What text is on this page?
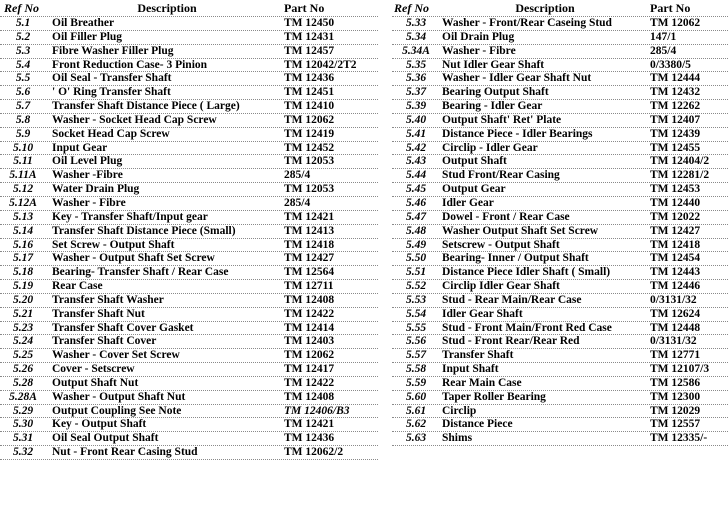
Ref No	Description	Part No
5.1	Oil Breather	TM 12450
5.2	Oil Filler Plug	TM 12431
5.3	Fibre Washer Filler Plug	TM 12457
5.4	Front Reduction Case- 3 Pinion	TM 12042/2T2
5.5	Oil Seal - Transfer Shaft	TM 12436
5.6	' O' Ring Transfer Shaft	TM 12451
5.7	Transfer Shaft Distance Piece ( Large)	TM 12410
5.8	Washer - Socket Head Cap Screw	TM 12062
5.9	Socket Head Cap Screw	TM 12419
5.10	Input Gear	TM 12452
5.11	Oil Level Plug	TM 12053
5.11A	Washer -Fibre	285/4
5.12	Water Drain Plug	TM 12053
5.12A	Washer - Fibre	285/4
5.13	Key - Transfer Shaft/Input gear	TM 12421
5.14	Transfer Shaft Distance Piece (Small)	TM 12413
5.16	Set Screw - Output Shaft	TM 12418
5.17	Washer - Output Shaft Set Screw	TM 12427
5.18	Bearing- Transfer Shaft / Rear Case	TM 12564
5.19	Rear Case	TM 12711
5.20	Transfer Shaft Washer	TM 12408
5.21	Transfer Shaft Nut	TM 12422
5.23	Transfer Shaft Cover Gasket	TM 12414
5.24	Transfer Shaft Cover	TM 12403
5.25	Washer - Cover Set Screw	TM 12062
5.26	Cover - Setscrew	TM 12417
5.28	Output Shaft Nut	TM 12422
5.28A	Washer - Output Shaft Nut	TM 12408
5.29	Output Coupling See Note	TM 12406/B3
5.30	Key - Output Shaft	TM 12421
5.31	Oil Seal Output Shaft	TM 12436
5.32	Nut - Front Rear Casing Stud	TM 12062/2
Ref No	Description	Part No
5.33	Washer - Front/Rear Caseing Stud	TM 12062
5.34	Oil Drain Plug	147/1
5.34A	Washer - Fibre	285/4
5.35	Nut Idler Gear Shaft	0/3380/5
5.36	Washer - Idler Gear Shaft Nut	TM 12444
5.37	Bearing Output Shaft	TM 12432
5.39	Bearing - Idler Gear	TM 12262
5.40	Output Shaft' Ret' Plate	TM 12407
5.41	Distance Piece - Idler Bearings	TM 12439
5.42	Circlip - Idler Gear	TM 12455
5.43	Output Shaft	TM 12404/2
5.44	Stud Front/Rear Casing	TM 12281/2
5.45	Output Gear	TM 12453
5.46	Idler Gear	TM 12440
5.47	Dowel - Front / Rear Case	TM 12022
5.48	Washer Output Shaft Set Screw	TM 12427
5.49	Setscrew - Output Shaft	TM 12418
5.50	Bearing- Inner / Output Shaft	TM 12454
5.51	Distance Piece Idler Shaft ( Small)	TM 12443
5.52	Circlip Idler Gear Shaft	TM 12446
5.53	Stud - Rear Main/Rear Case	0/3131/32
5.54	Idler Gear Shaft	TM 12624
5.55	Stud - Front Main/Front Red Case	TM 12448
5.56	Stud - Front Rear/Rear Red	0/3131/32
5.57	Transfer Shaft	TM 12771
5.58	Input Shaft	TM 12107/3
5.59	Rear Main Case	TM 12586
5.60	Taper Roller Bearing	TM 12300
5.61	Circlip	TM 12029
5.62	Distance Piece	TM 12557
5.63	Shims	TM 12335/-
